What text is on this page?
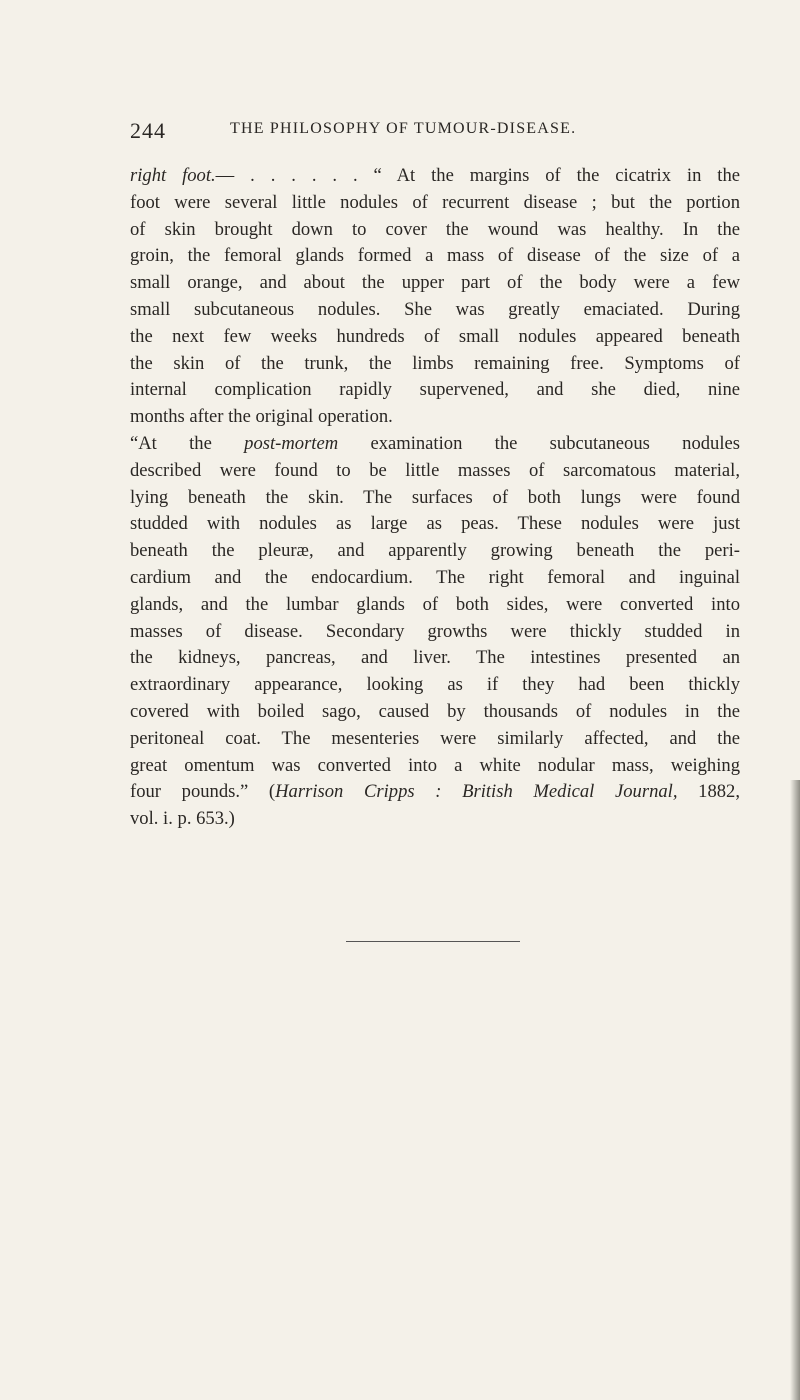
244	THE PHILOSOPHY OF TUMOUR-DISEASE.
right foot.— . . . . . . “ At the margins of the cicatrix in the
foot were several little nodules of recurrent disease ; but the portion
of skin brought down to cover the wound was healthy. In the
groin, the femoral glands formed a mass of disease of the size of a
small orange, and about the upper part of the body were a few
small subcutaneous nodules. She was greatly emaciated. During
the next few weeks hundreds of small nodules appeared beneath
the skin of the trunk, the limbs remaining free. Symptoms of
internal complication rapidly supervened, and she died, nine
months after the original operation.
“At the post-mortem examination the subcutaneous nodules
described were found to be little masses of sarcomatous material,
lying beneath the skin. The surfaces of both lungs were found
studded with nodules as large as peas. These nodules were just
beneath the pleuræ, and apparently growing beneath the peri-
cardium and the endocardium. The right femoral and inguinal
glands, and the lumbar glands of both sides, were converted into
masses of disease. Secondary growths were thickly studded in
the kidneys, pancreas, and liver. The intestines presented an
extraordinary appearance, looking as if they had been thickly
covered with boiled sago, caused by thousands of nodules in the
peritoneal coat. The mesenteries were similarly affected, and the
great omentum was converted into a white nodular mass, weighing
four pounds.” (Harrison Cripps : British Medical Journal, 1882,
vol. i. p. 653.)
